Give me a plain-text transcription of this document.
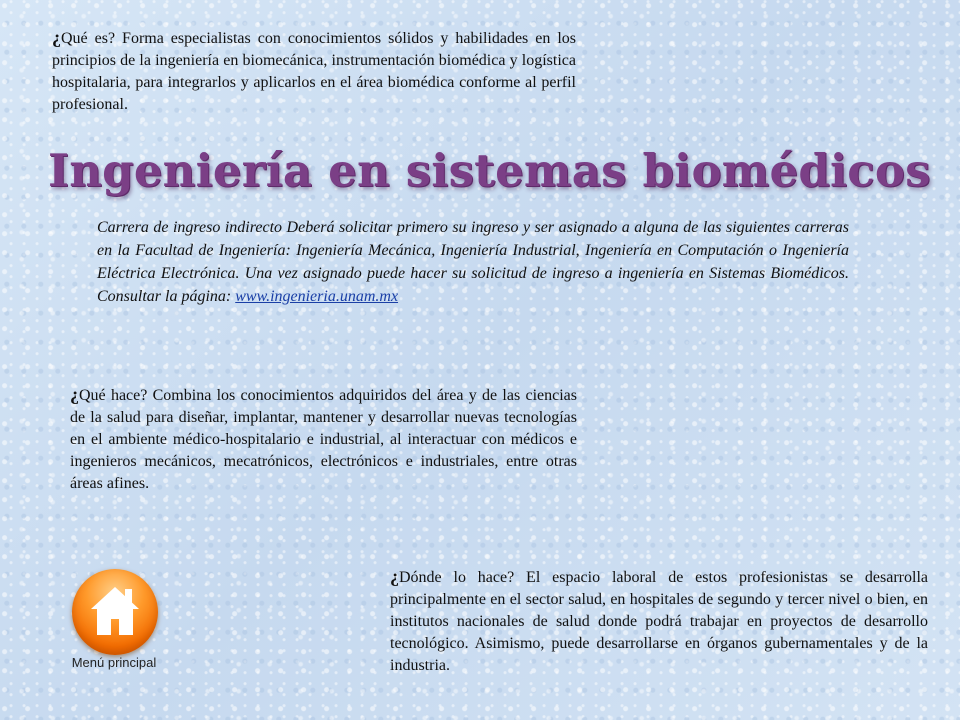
¿Qué es? Forma especialistas con conocimientos sólidos y habilidades en los principios de la ingeniería en biomecánica, instrumentación biomédica y logística hospitalaria, para integrarlos y aplicarlos en el área biomédica conforme al perfil profesional.
Ingeniería en sistemas biomédicos
Carrera de ingreso indirecto Deberá solicitar primero su ingreso y ser asignado a alguna de las siguientes carreras en la Facultad de Ingeniería: Ingeniería Mecánica, Ingeniería Industrial, Ingeniería en Computación o Ingeniería Eléctrica Electrónica. Una vez asignado puede hacer su solicitud de ingreso a ingeniería en Sistemas Biomédicos. Consultar la página: www.ingenieria.unam.mx
¿Qué hace? Combina los conocimientos adquiridos del área y de las ciencias de la salud para diseñar, implantar, mantener y desarrollar nuevas tecnologías en el ambiente médico-hospitalario e industrial, al interactuar con médicos e ingenieros mecánicos, mecatrónicos, electrónicos e industriales, entre otras áreas afines.
¿Dónde lo hace? El espacio laboral de estos profesionistas se desarrolla principalmente en el sector salud, en hospitales de segundo y tercer nivel o bien, en institutos nacionales de salud donde podrá trabajar en proyectos de desarrollo tecnológico. Asimismo, puede desarrollarse en órganos gubernamentales y de la industria.
Menú principal
